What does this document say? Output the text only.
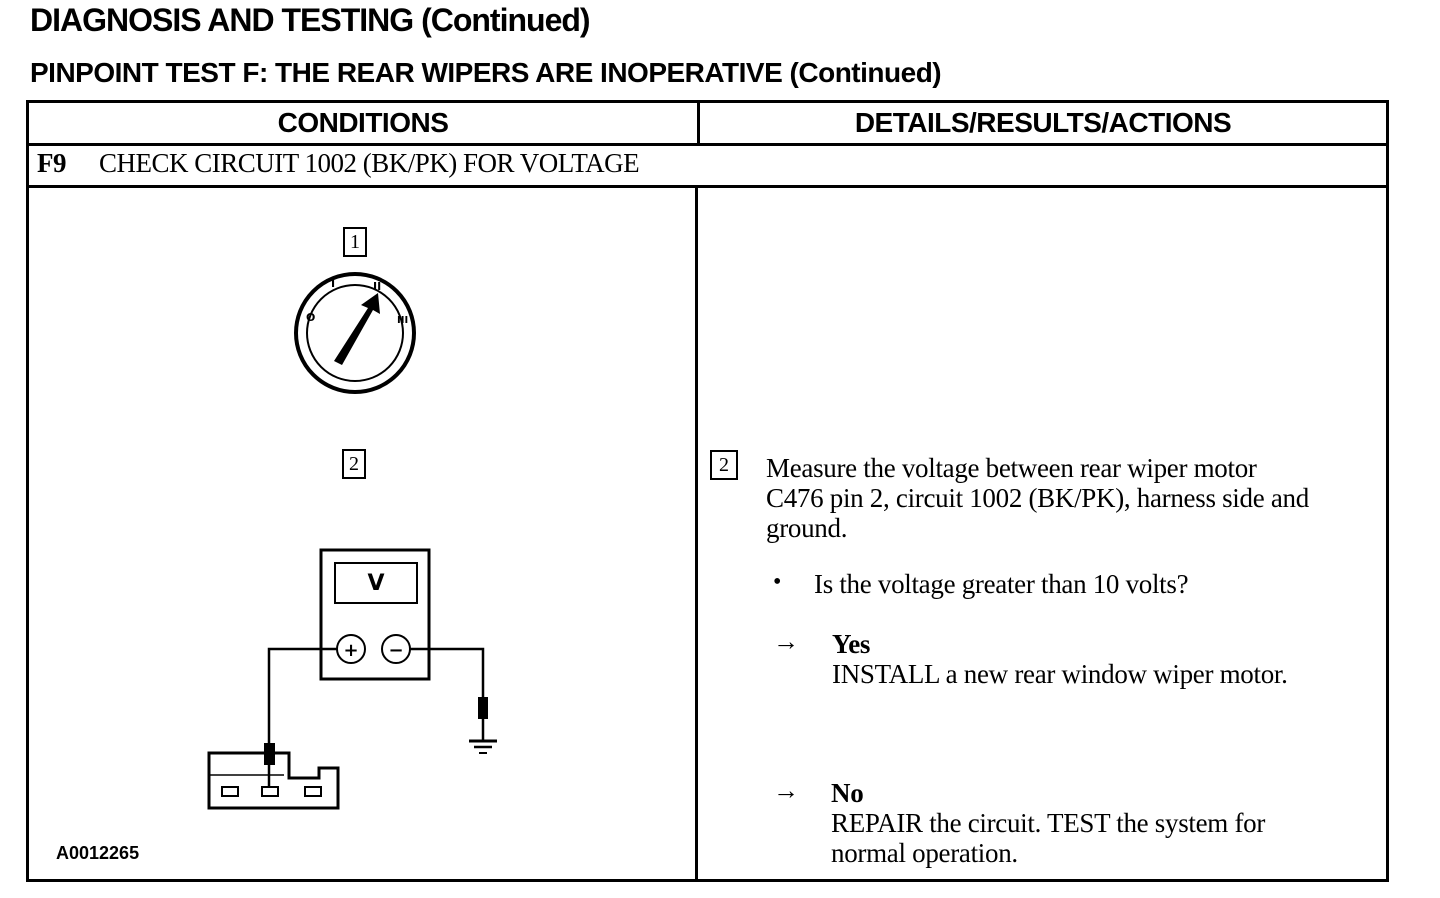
DIAGNOSIS AND TESTING (Continued)
PINPOINT TEST F: THE REAR WIPERS ARE INOPERATIVE (Continued)
CONDITIONS	DETAILS/RESULTS/ACTIONS
F9 CHECK CIRCUIT 1002 (BK/PK) FOR VOLTAGE
O
I	II
III
V
+ −
1
2
A0012265
2	Measure the voltage between rear wiper motor
C476 pin 2, circuit 1002 (BK/PK), harness side and
ground.
• Is the voltage greater than 10 volts?
→ Yes
INSTALL a new rear window wiper motor.
→ No
REPAIR the circuit. TEST the system for
normal operation.
